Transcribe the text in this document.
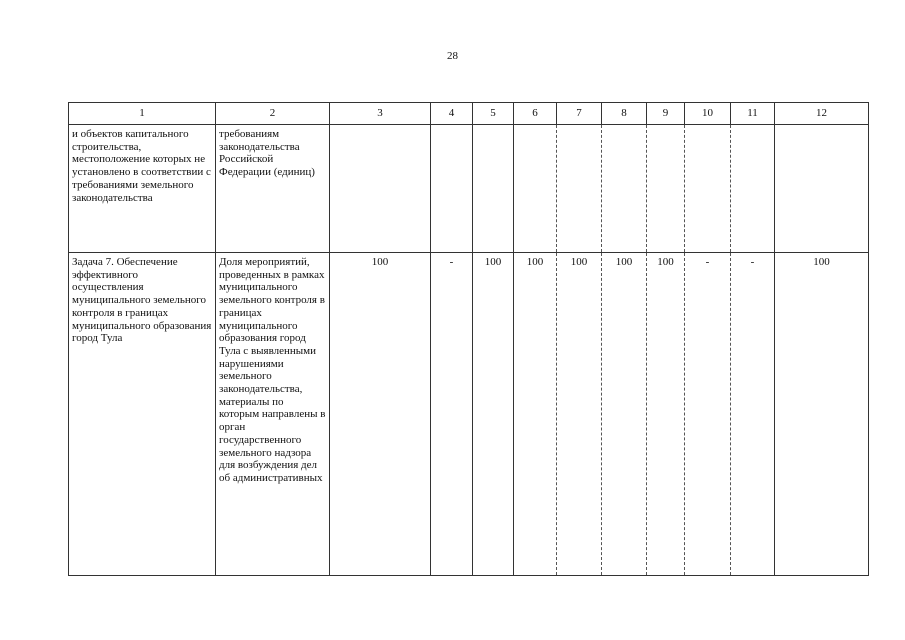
28
1	2	3	4	5	6	7	8	9	10	11	12
и объектов капитального строительства, местоположение которых не установлено в соответствии с требованиями земельного законодательства	требованиям законодательства Российской Федерации (единиц)										
Задача 7. Обеспечение эффективного осуществления муниципального земельного контроля в границах муниципального образования город Тула	Доля мероприятий, проведенных в рамках муниципального земельного контроля в границах муниципального образования город Тула с выявленными нарушениями земельного законодательства, материалы по которым направлены в орган государственного земельного надзора для возбуждения дел об административных	100	-	100	100	100	100	100	-	-	100
